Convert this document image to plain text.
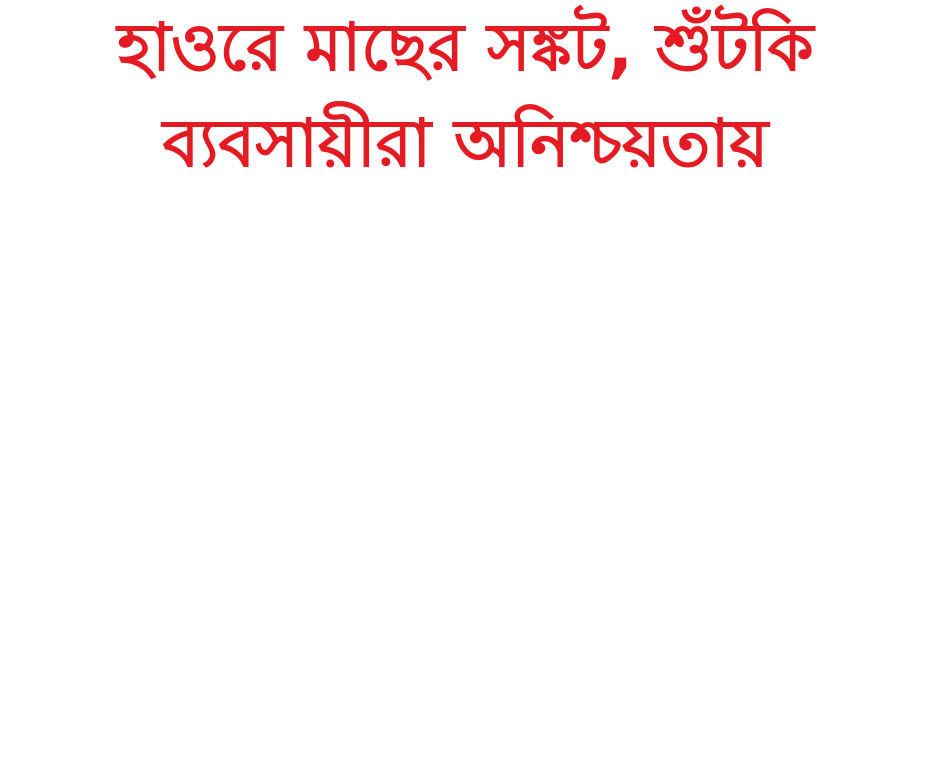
হাওরে মাছের সঙ্কট, শুঁটকি
ব্যবসায়ীরা অনিশ্চয়তায়
